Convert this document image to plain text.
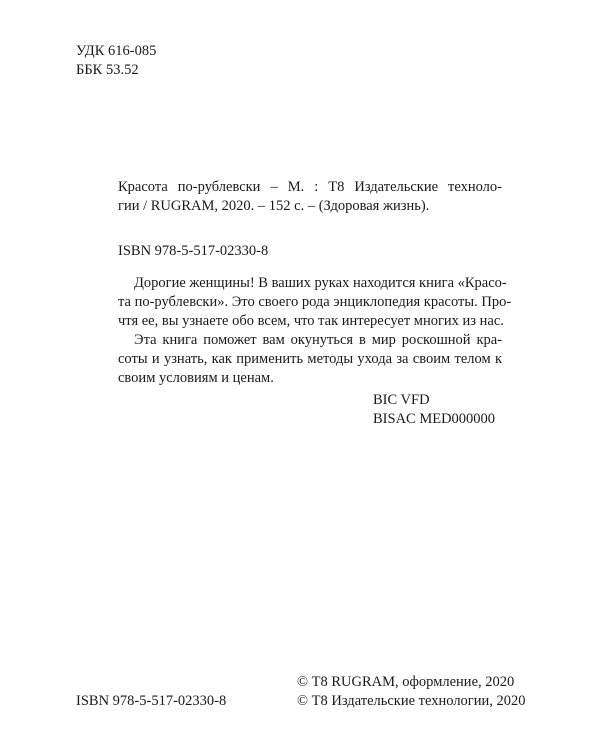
УДК 616-085
ББК 53.52
Красота по-рублевски – М. : Т8 Издательские техноло-
гии / RUGRAM, 2020. – 152 с. – (Здоровая жизнь).
ISBN 978-5-517-02330-8
Дорогие женщины! В ваших руках находится книга «Красо-
та по-рублевски». Это своего рода энциклопедия красоты. Про-
чтя ее, вы узнаете обо всем, что так интересует многих из нас.
Эта книга поможет вам окунуться в мир роскошной кра-
соты и узнать, как применить методы ухода за своим телом к
своим условиям и ценам.
BIC VFD
BISAC MED000000
ISBN 978-5-517-02330-8
© Т8 RUGRAM, оформление, 2020
© Т8 Издательские технологии, 2020
